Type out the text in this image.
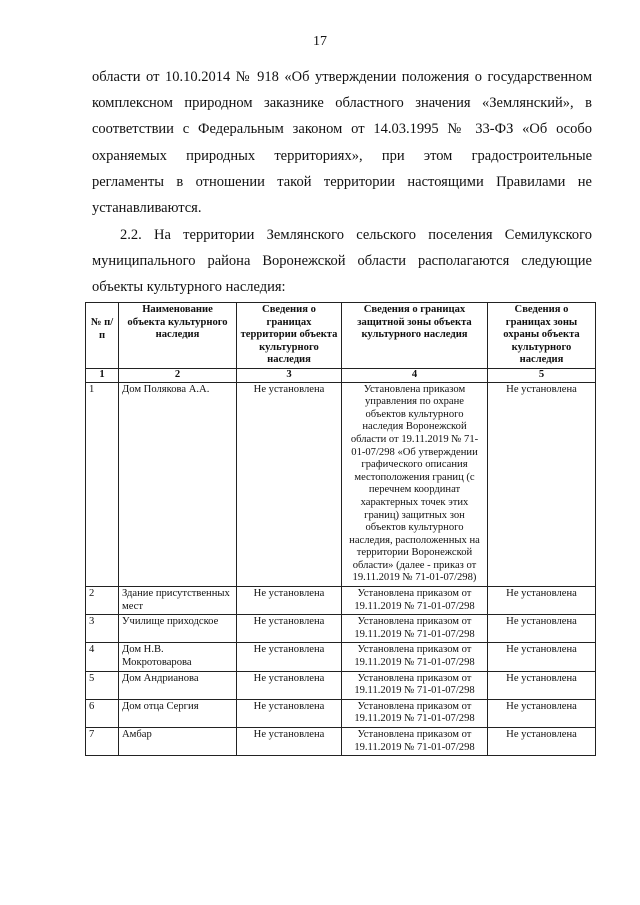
17
области от 10.10.2014 № 918 «Об утверждении положения о государственном
комплексном природном заказнике областного значения «Землянский», в
соответствии с Федеральным законом от 14.03.1995 № 33-ФЗ «Об особо
охраняемых природных территориях», при этом градостроительные
регламенты в отношении такой территории настоящими Правилами не
устанавливаются.
2.2. На территории Землянского сельского поселения Семилукского
муниципального района Воронежской области располагаются следующие
объекты культурного наследия:
№ п/п	Наименование объекта культурного наследия	Сведения о границах территории объекта культурного наследия	Сведения о границах защитной зоны объекта культурного наследия	Сведения о границах зоны охраны объекта культурного наследия
1	2	3	4	5
1	Дом Полякова А.А.	Не установлена	Установлена приказом управления по охране объектов культурного наследия Воронежской области от 19.11.2019 № 71-01-07/298 «Об утверждении графического описания местоположения границ (с перечнем координат характерных точек этих границ) защитных зон объектов культурного наследия, расположенных на территории Воронежской области» (далее - приказ от 19.11.2019 № 71-01-07/298)	Не установлена
2	Здание присутственных мест	Не установлена	Установлена приказом от 19.11.2019 № 71-01-07/298	Не установлена
3	Училище приходское	Не установлена	Установлена приказом от 19.11.2019 № 71-01-07/298	Не установлена
4	Дом Н.В. Мокротоварова	Не установлена	Установлена приказом от 19.11.2019 № 71-01-07/298	Не установлена
5	Дом Андрианова	Не установлена	Установлена приказом от 19.11.2019 № 71-01-07/298	Не установлена
6	Дом отца Сергия	Не установлена	Установлена приказом от 19.11.2019 № 71-01-07/298	Не установлена
7	Амбар	Не установлена	Установлена приказом от 19.11.2019 № 71-01-07/298	Не установлена
